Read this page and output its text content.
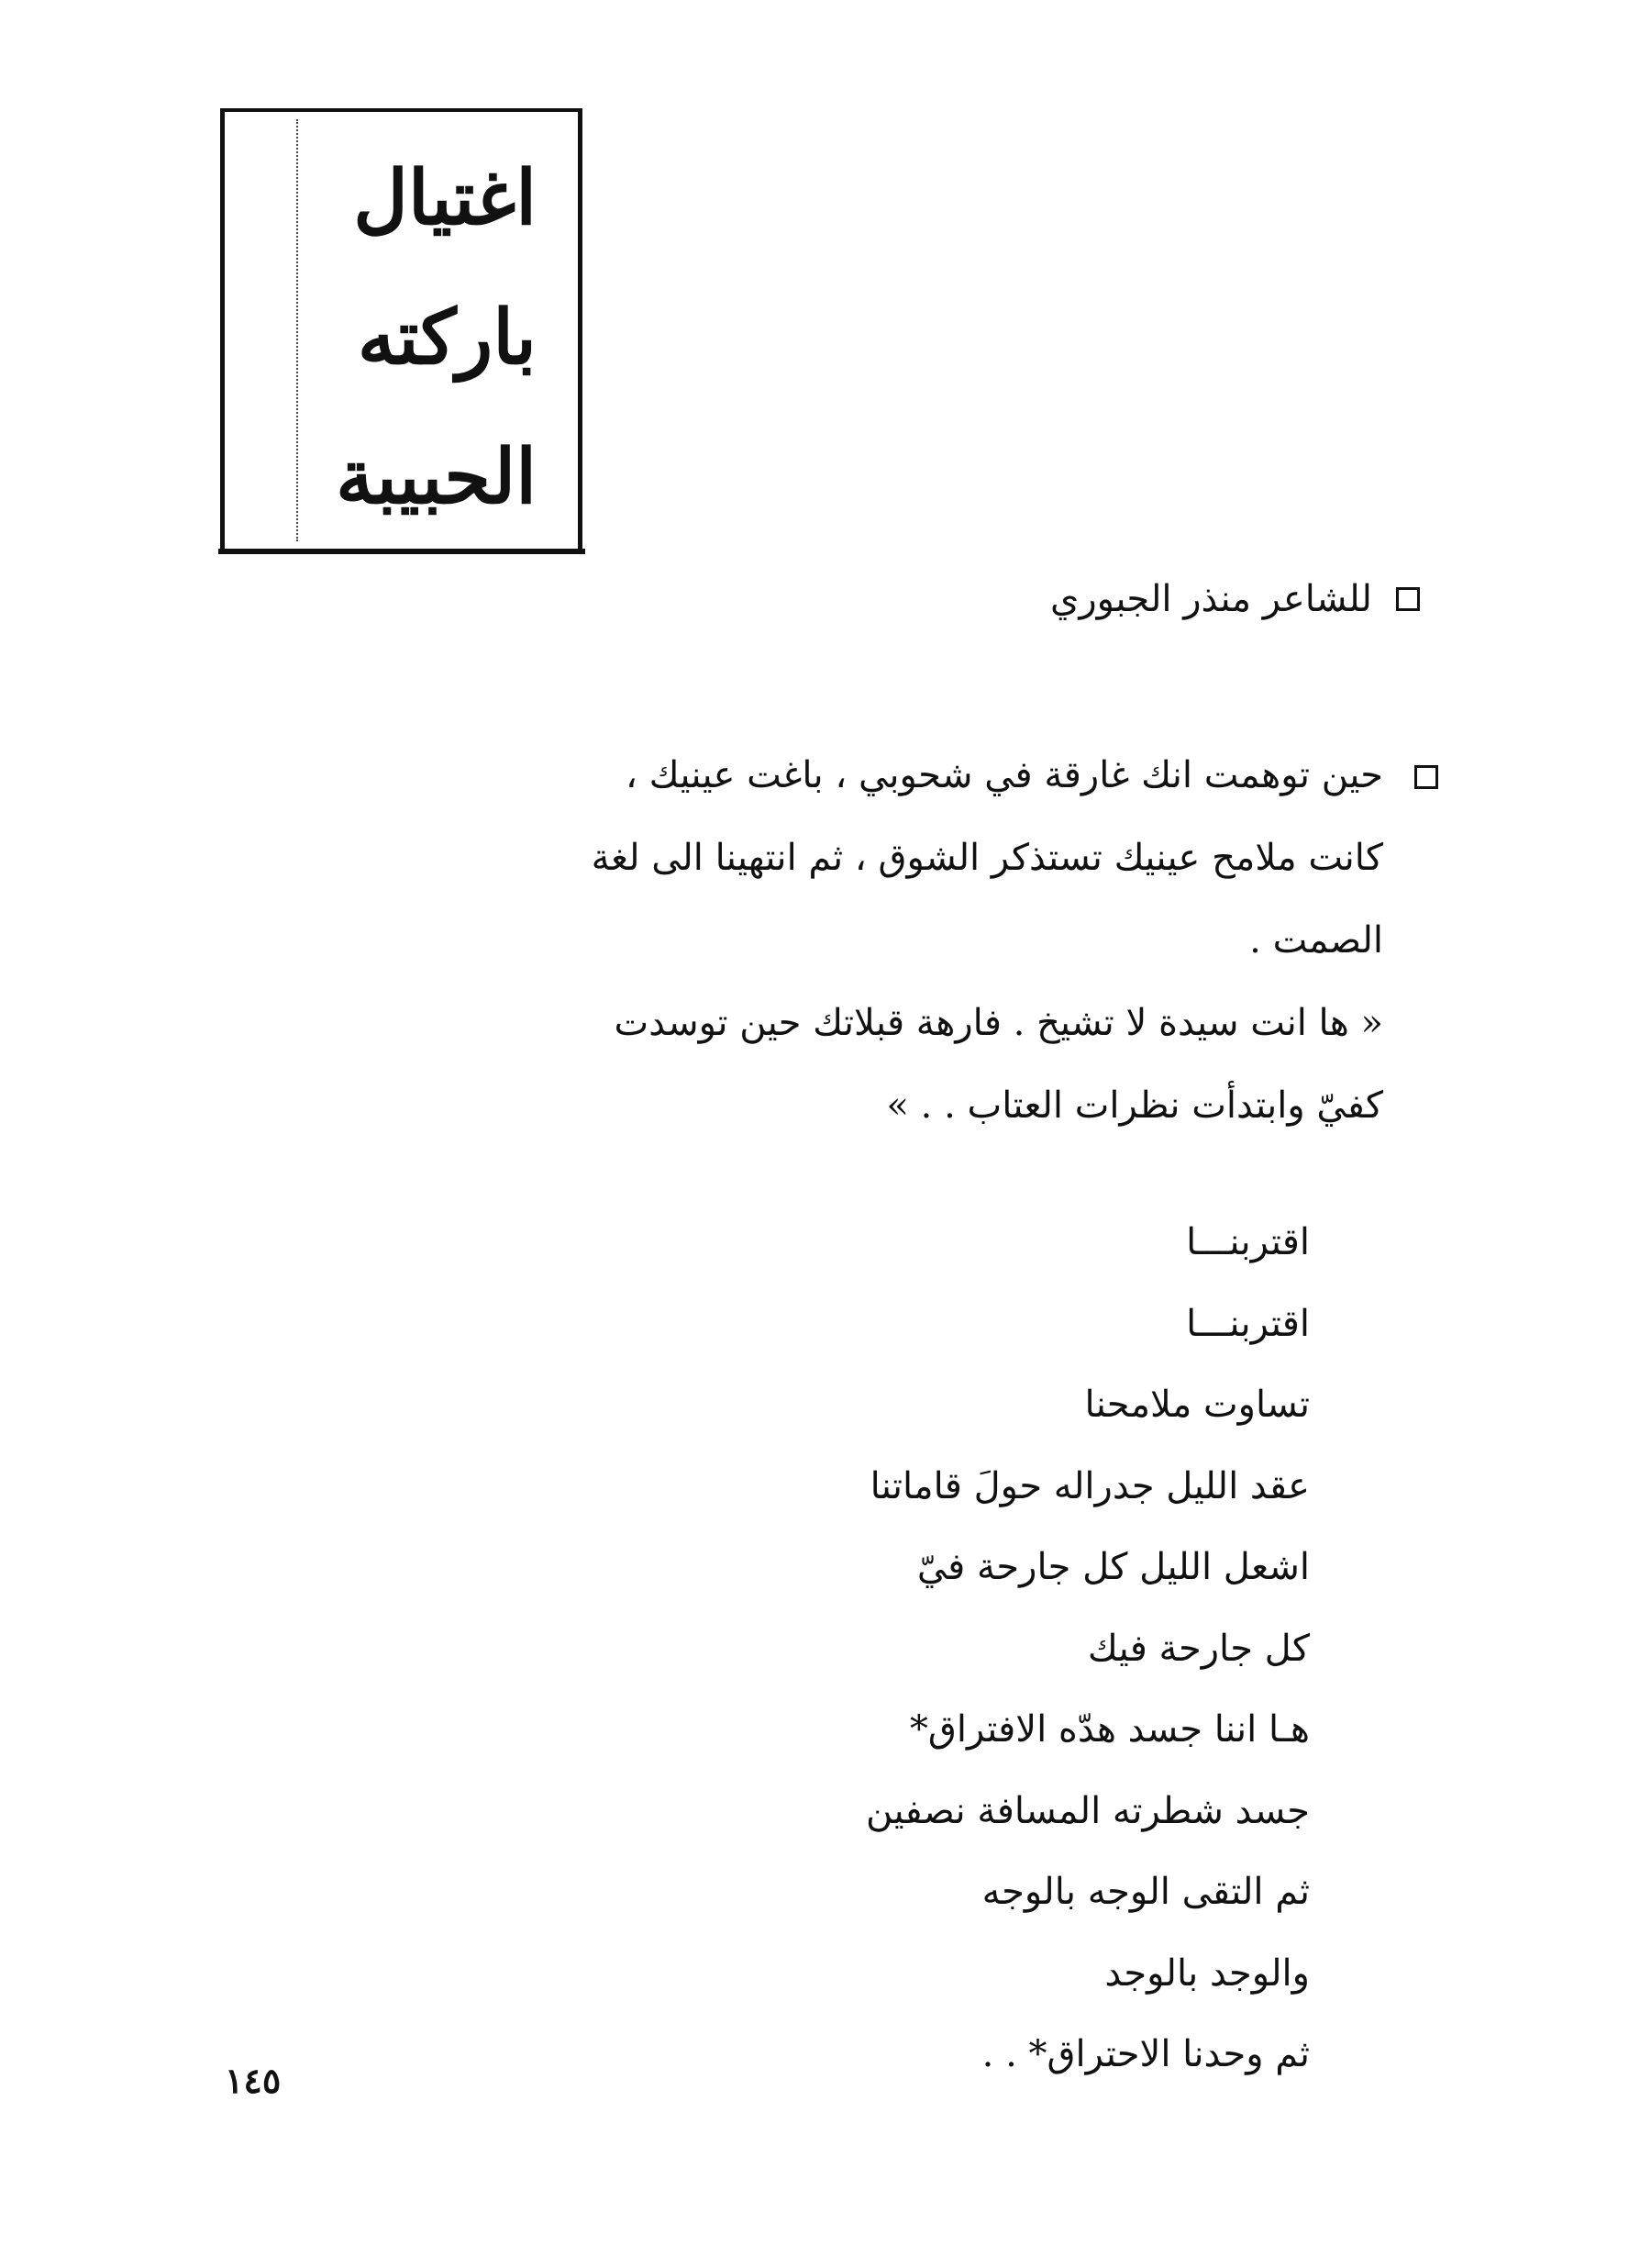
اغتيال
باركته
الحبيبة
للشاعر منذر الجبوري
حين توهمت انك غارقة في شحوبي ، باغت عينيك ،
كانت ملامح عينيك تستذكر الشوق ، ثم انتهينا الى لغة
الصمت .
« ها انت سيدة لا تشيخ . فارهة قبلاتك حين توسدت
كفيّ وابتدأت نظرات العتاب . . »
اقتربنـــا
اقتربنـــا
تساوت ملامحنا
عقد الليل جدراله حولَ قاماتنا
اشعل الليل كل جارحة فيّ
كل جارحة فيك
هـا اننا جسد هدّه الافتراق*
جسد شطرته المسافة نصفين
ثم التقى الوجه بالوجه
والوجد بالوجد
ثم وحدنا الاحتراق* . .
١٤٥
